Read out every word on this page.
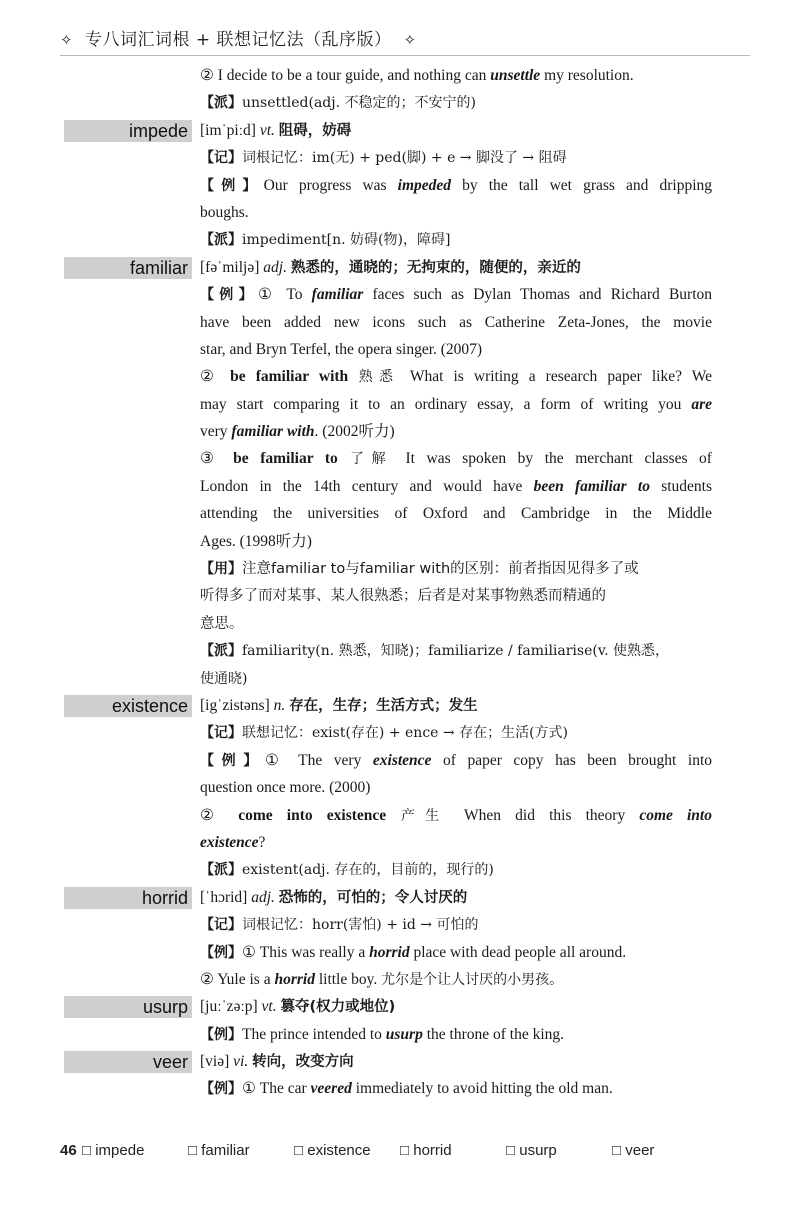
✧ 专八词汇词根 + 联想记忆法（乱序版） ✧
② I decide to be a tour guide, and nothing can unsettle my resolution.
【派】unsettled(adj. 不稳定的；不安宁的)
impede [imˈpiːd] vt. 阻碍，妨碍
【记】词根记忆：im(无) + ped(脚) + e → 脚没了 → 阻碍
【例】Our progress was impeded by the tall wet grass and dripping
boughs.
【派】impediment[n. 妨碍(物)，障碍]
familiar [fəˈmiljə] adj. 熟悉的，通晓的；无拘束的，随便的，亲近的
【例】① To familiar faces such as Dylan Thomas and Richard Burton
have been added new icons such as Catherine Zeta-Jones, the movie
star, and Bryn Terfel, the opera singer. (2007)
② be familiar with 熟悉 What is writing a research paper like? We
may start comparing it to an ordinary essay, a form of writing you are
very familiar with. (2002听力)
③ be familiar to 了解 It was spoken by the merchant classes of
London in the 14th century and would have been familiar to students
attending the universities of Oxford and Cambridge in the Middle
Ages. (1998听力)
【用】注意familiar to与familiar with的区别：前者指因见得多了或
听得多了而对某事、某人很熟悉；后者是对某事物熟悉而精通的
意思。
【派】familiarity(n. 熟悉，知晓)；familiarize / familiarise(v. 使熟悉，
使通晓)
existence [igˈzistəns] n. 存在，生存；生活方式；发生
【记】联想记忆：exist(存在) + ence → 存在；生活(方式)
【例】① The very existence of paper copy has been brought into
question once more. (2000)
② come into existence 产生 When did this theory come into
existence?
【派】existent(adj. 存在的，目前的，现行的)
horrid [ˈhɔrid] adj. 恐怖的，可怕的；令人讨厌的
【记】词根记忆：horr(害怕) + id → 可怕的
【例】① This was really a horrid place with dead people all around.
② Yule is a horrid little boy. 尤尔是个让人讨厌的小男孩。
usurp [juːˈzəːp] vt. 篡夺(权力或地位)
【例】The prince intended to usurp the throne of the king.
veer [viə] vi. 转向，改变方向
【例】① The car veered immediately to avoid hitting the old man.
46 □ impede	□ familiar	□ existence □ horrid	□ usurp	□ veer
